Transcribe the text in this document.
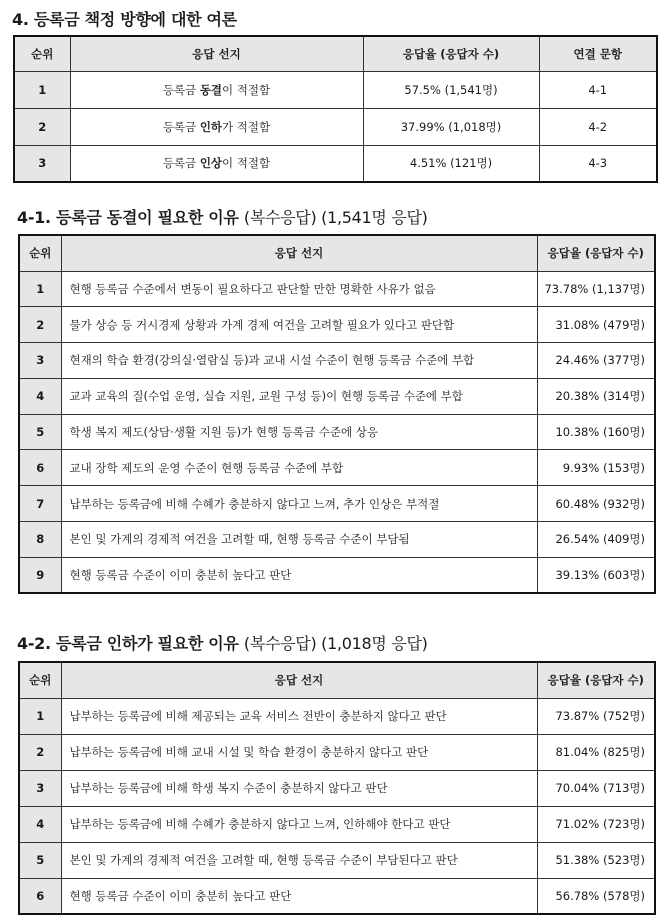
4. 등록금 책정 방향에 대한 여론
순위	응답 선지	응답율 (응답자 수)	연결 문항
1	등록금 동결이 적절함	57.5% (1,541명)	4-1
2	등록금 인하가 적절함	37.99% (1,018명)	4-2
3	등록금 인상이 적절함	4.51% (121명)	4-3
4-1. 등록금 동결이 필요한 이유 (복수응답) (1,541명 응답)
순위	응답 선지	응답율 (응답자 수)
1	현행 등록금 수준에서 변동이 필요하다고 판단할 만한 명확한 사유가 없음	73.78% (1,137명)
2	물가 상승 등 거시경제 상황과 가계 경제 여건을 고려할 필요가 있다고 판단함	31.08% (479명)
3	현재의 학습 환경(강의실·열람실 등)과 교내 시설 수준이 현행 등록금 수준에 부합	24.46% (377명)
4	교과 교육의 질(수업 운영, 실습 지원, 교원 구성 등)이 현행 등록금 수준에 부합	20.38% (314명)
5	학생 복지 제도(상담·생활 지원 등)가 현행 등록금 수준에 상응	10.38% (160명)
6	교내 장학 제도의 운영 수준이 현행 등록금 수준에 부합	9.93% (153명)
7	납부하는 등록금에 비해 수혜가 충분하지 않다고 느껴, 추가 인상은 부적절	60.48% (932명)
8	본인 및 가계의 경제적 여건을 고려할 때, 현행 등록금 수준이 부담됨	26.54% (409명)
9	현행 등록금 수준이 이미 충분히 높다고 판단	39.13% (603명)
4-2. 등록금 인하가 필요한 이유 (복수응답) (1,018명 응답)
순위	응답 선지	응답율 (응답자 수)
1	납부하는 등록금에 비해 제공되는 교육 서비스 전반이 충분하지 않다고 판단	73.87% (752명)
2	납부하는 등록금에 비해 교내 시설 및 학습 환경이 충분하지 않다고 판단	81.04% (825명)
3	납부하는 등록금에 비해 학생 복지 수준이 충분하지 않다고 판단	70.04% (713명)
4	납부하는 등록금에 비해 수혜가 충분하지 않다고 느껴, 인하해야 한다고 판단	71.02% (723명)
5	본인 및 가계의 경제적 여건을 고려할 때, 현행 등록금 수준이 부담된다고 판단	51.38% (523명)
6	현행 등록금 수준이 이미 충분히 높다고 판단	56.78% (578명)
